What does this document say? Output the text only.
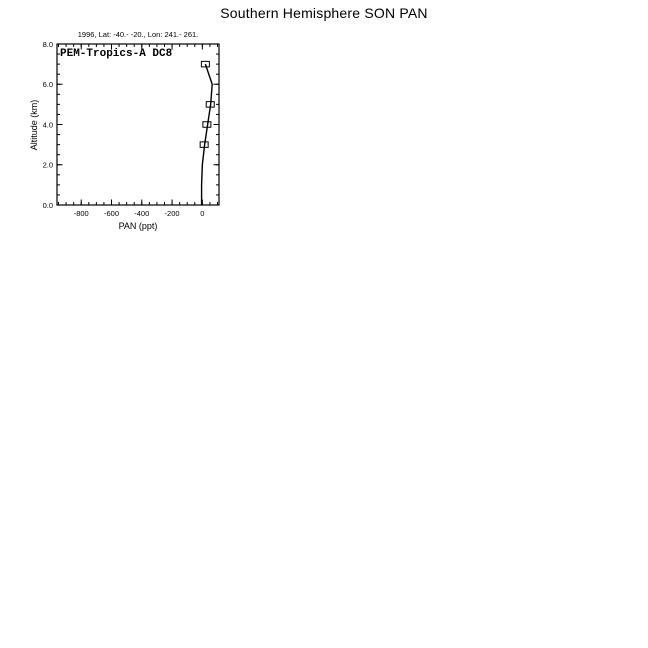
Southern Hemisphere SON PAN
1996, Lat: -40.- -20., Lon: 241.- 261.
-800 -600 -400 -200	0
0.0
2.0
4.0
6.0
8.0
PEM-Tropics-A DC8
Altitude (km)
PAN (ppt)
